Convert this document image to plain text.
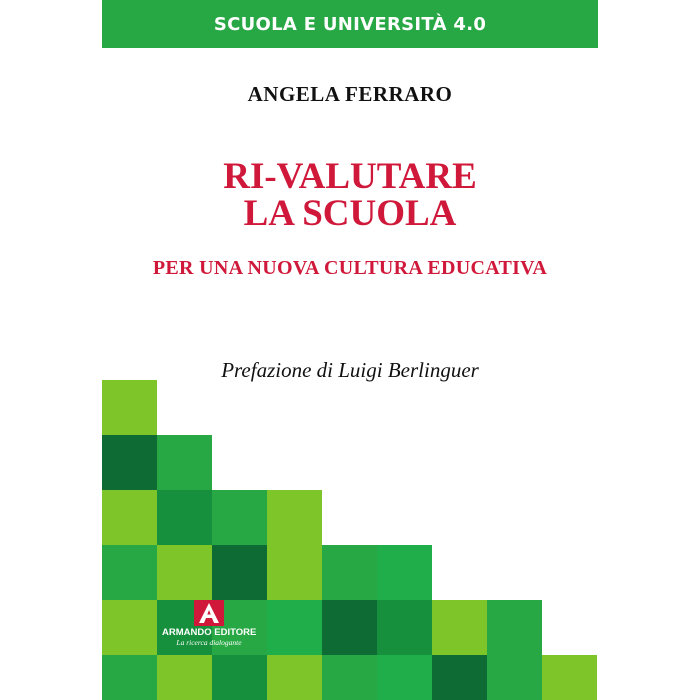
SCUOLA E UNIVERSITÀ 4.0
ANGELA FERRARO
RI-VALUTARE
LA SCUOLA
PER UNA NUOVA CULTURA EDUCATIVA
Prefazione di Luigi Berlinguer
ARMANDO EDITORE
La ricerca dialogante
